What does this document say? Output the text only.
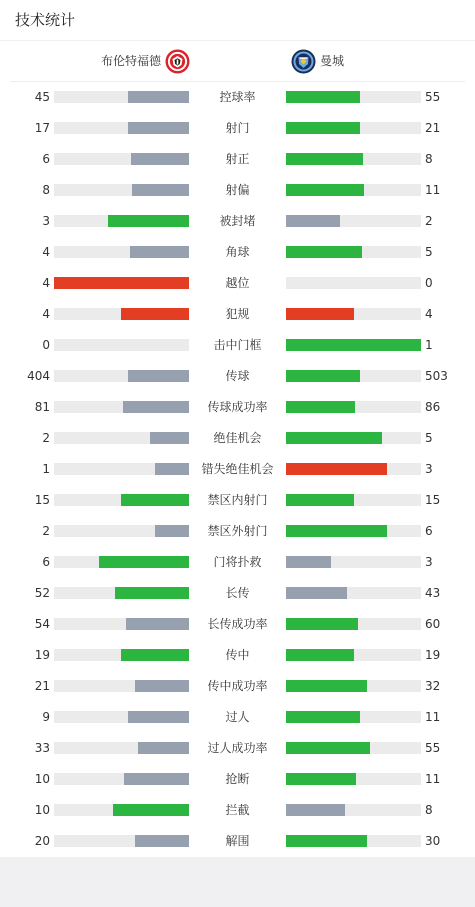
技术统计
布伦特福德	曼城
45	控球率	55
17	射门	21
6	射正	8
8	射偏	11
3	被封堵	2
4	角球	5
4	越位	0
4	犯规	4
0	击中门框	1
404	传球	503
81	传球成功率	86
2	绝佳机会	5
1	错失绝佳机会	3
15	禁区内射门	15
2	禁区外射门	6
6	门将扑救	3
52	长传	43
54	长传成功率	60
19	传中	19
21	传中成功率	32
9	过人	11
33	过人成功率	55
10	抢断	11
10	拦截	8
20	解围	30
